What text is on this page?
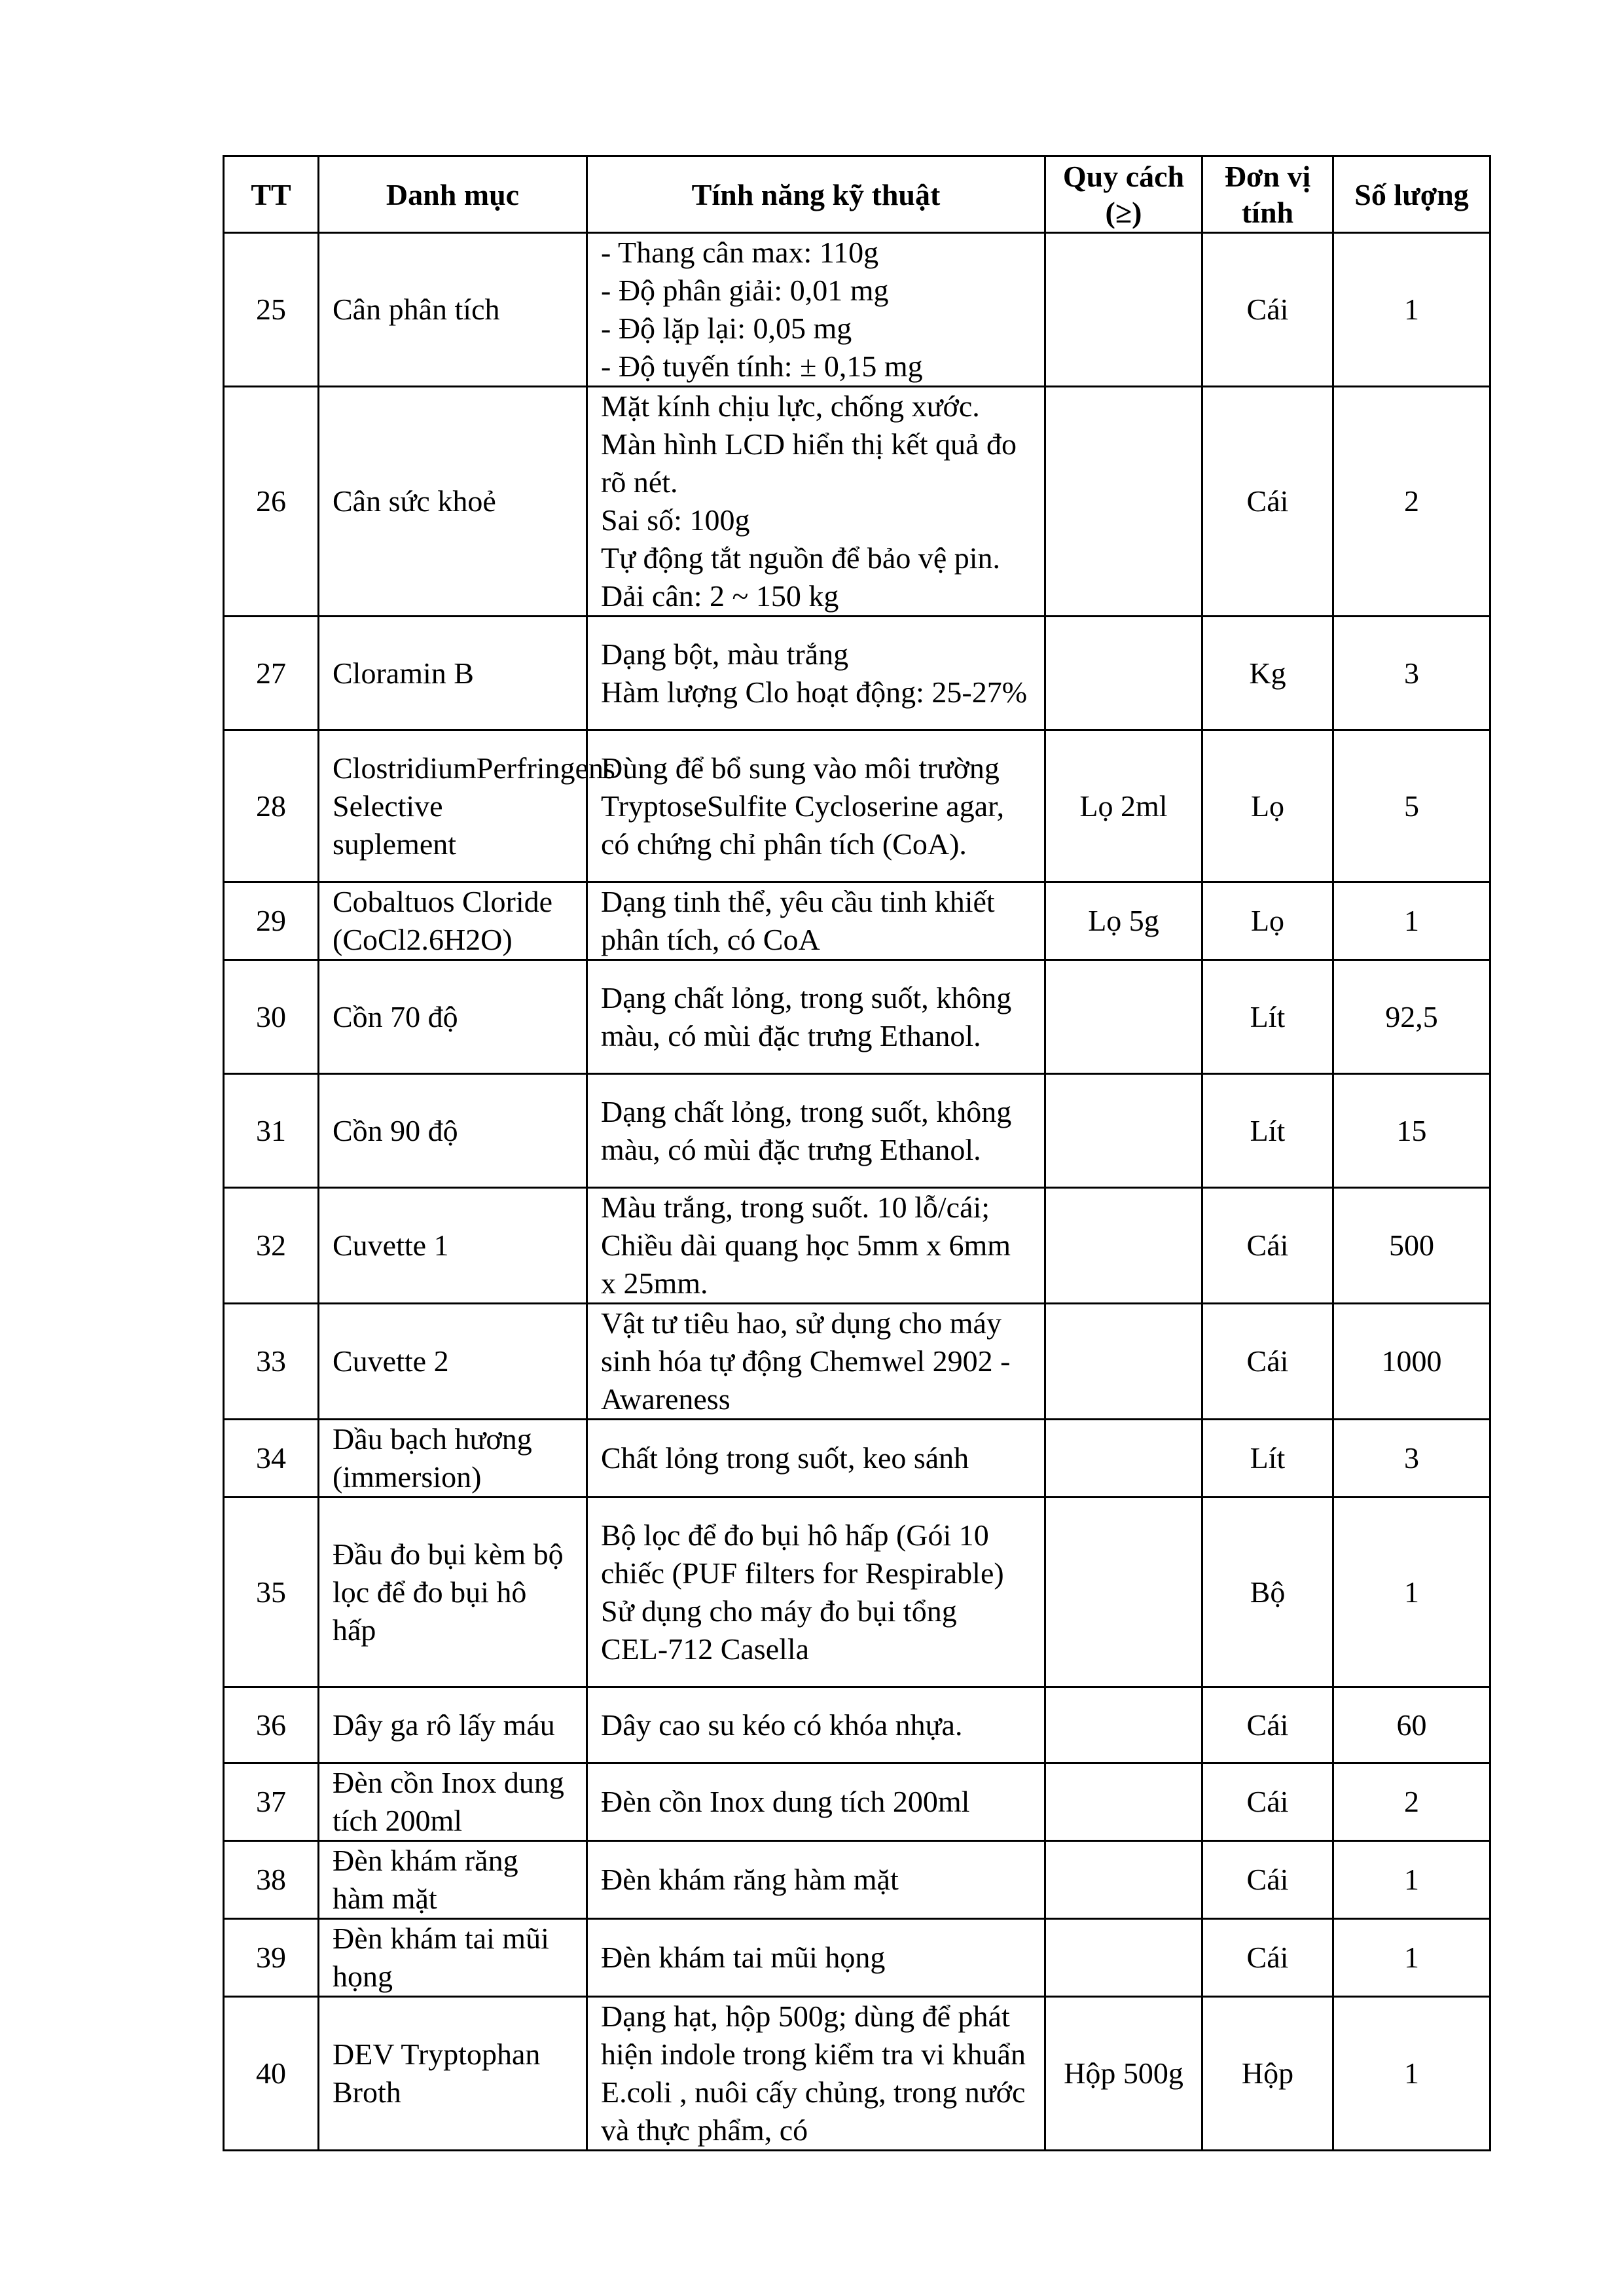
TT	Danh mục	Tính năng kỹ thuật	Quy cách (≥)	Đơn vị tính	Số lượng
25	Cân phân tích	- Thang cân max: 110g
- Độ phân giải: 0,01 mg
- Độ lặp lại: 0,05 mg
- Độ tuyến tính: ± 0,15 mg		Cái	1
26	Cân sức khoẻ	Mặt kính chịu lực, chống xước.
Màn hình LCD hiển thị kết quả đo rõ nét.
Sai số: 100g
Tự động tắt nguồn để bảo vệ pin.
Dải cân: 2 ~ 150 kg		Cái	2
27	Cloramin B	Dạng bột, màu trắng
Hàm lượng Clo hoạt động: 25-27%		Kg	3
28	ClostridiumPerfringens Selective suplement	Dùng để bổ sung vào môi trường TryptoseSulfite Cycloserine agar, có chứng chỉ phân tích (CoA).	Lọ 2ml	Lọ	5
29	Cobaltuos Cloride (CoCl2.6H2O)	Dạng tinh thể, yêu cầu tinh khiết phân tích, có CoA	Lọ 5g	Lọ	1
30	Cồn 70 độ	Dạng chất lỏng, trong suốt, không màu, có mùi đặc trưng Ethanol.		Lít	92,5
31	Cồn 90 độ	Dạng chất lỏng, trong suốt, không màu, có mùi đặc trưng Ethanol.		Lít	15
32	Cuvette 1	Màu trắng, trong suốt. 10 lỗ/cái; Chiều dài quang học 5mm x 6mm x 25mm.		Cái	500
33	Cuvette 2	Vật tư tiêu hao, sử dụng cho máy sinh hóa tự động Chemwel 2902 - Awareness		Cái	1000
34	Dầu bạch hương (immersion)	Chất lỏng trong suốt, keo sánh		Lít	3
35	Đầu đo bụi kèm bộ lọc để đo bụi hô hấp	Bộ lọc để đo bụi hô hấp (Gói 10 chiếc (PUF filters for Respirable)
Sử dụng cho máy đo bụi tổng CEL-712 Casella		Bộ	1
36	Dây ga rô lấy máu	Dây cao su kéo có khóa nhựa.		Cái	60
37	Đèn cồn Inox dung tích 200ml	Đèn cồn Inox dung tích 200ml		Cái	2
38	Đèn khám răng hàm mặt	Đèn khám răng hàm mặt		Cái	1
39	Đèn khám tai mũi họng	Đèn khám tai mũi họng		Cái	1
40	DEV Tryptophan Broth	Dạng hạt, hộp 500g; dùng để phát hiện indole trong kiểm tra vi khuẩn E.coli , nuôi cấy chủng, trong nước và thực phẩm, có	Hộp 500g	Hộp	1
